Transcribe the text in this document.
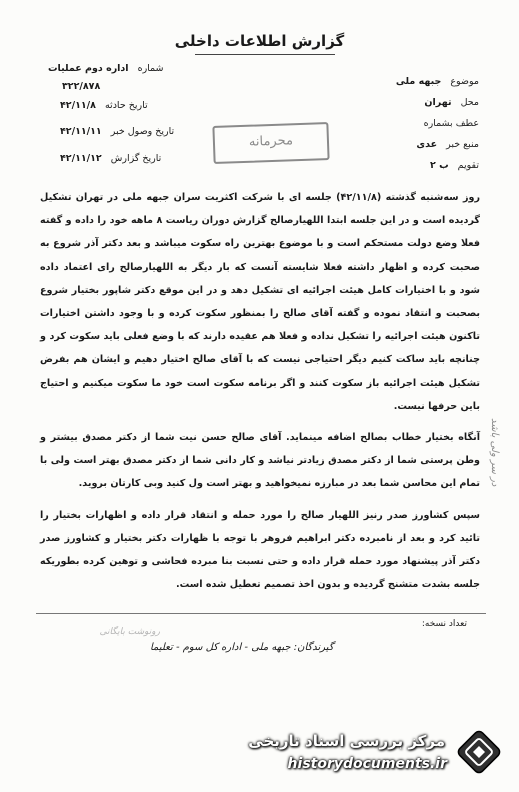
گزارش اطلاعات داخلی
موضوع جبهه ملی
محل تهران
عطف بشماره
منبع خبر عدی
تقویم ب ۲
شماره اداره دوم عملیات
۳۲۲/۸۷۸
تاریخ حادثه ۴۲/۱۱/۸
تاریخ وصول خبر ۴۲/۱۱/۱۱
تاریخ گزارش ۴۲/۱۱/۱۲
محرمانه

روز سه‌شنبه گذشته (۴۲/۱۱/۸) جلسه ای با شرکت اکثریت سران جبهه ملی در تهران تشکیل گردیده است و در این جلسه ابتدا اللهیارصالح گزارش دوران ریاست ۸ ماهه خود را داده و گفته فعلا وضع دولت مستحکم است و با موضوع بهترین راه سکوت میباشد و بعد دکتر آذر شروع به صحبت کرده و اظهار داشته فعلا شایسته آنست که بار دیگر به اللهیارصالح رای اعتماد داده شود و با اختیارات کامل هیئت اجرائیه ای تشکیل دهد و در این موقع دکتر شاپور بختیار شروع بصحبت و انتقاد نموده و گفته آقای صالح را بمنظور سکوت کرده و با وجود داشتن اختیارات تاکنون هیئت اجرائیه را تشکیل نداده و فعلا هم عقیده دارند که با وضع فعلی باید سکوت کرد و چنانچه باید ساکت کنیم دیگر احتیاجی نیست که با آقای صالح اختیار دهیم و ایشان هم بفرض تشکیل هیئت اجرائیه باز سکوت کنند و اگر برنامه سکوت است خود ما سکوت میکنیم و احتیاج باین حرفها نیست.

آنگاه بختیار خطاب بصالح اضافه مینماید. آقای صالح حسن نیت شما از دکتر مصدق بیشتر و وطن پرستی شما از دکتر مصدق زیادتر نیاشد و کار دانی شما از دکتر مصدق بهتر است ولی با تمام این محاسن شما بعد در مبارزه نمیخواهید و بهتر است ول کنید وبی کارتان بروید.

سپس کشاورز صدر رنیز اللهیار صالح را مورد حمله و انتقاد قرار داده و اظهارات بختیار را تائید کرد و بعد از نامبرده دکتر ابراهیم فروهر با توجه با ظهارات دکتر بختیار و کشاورز صدر دکتر آذر پیشنهاد مورد حمله قرار داده و حتی نسبت بنا مبرده فحاشی و توهین کرده بطوریکه جلسه بشدت متشنج گردیده و بدون اخذ تصمیم تعطیل شده است.

در سر ولی باشد
تعداد نسخه:
گیرندگان: جبهه ملی - اداره کل سوم - تعلیما
رونوشت بایگانی
مرکز بررسی اسناد تاریخی
historydocuments.ir
